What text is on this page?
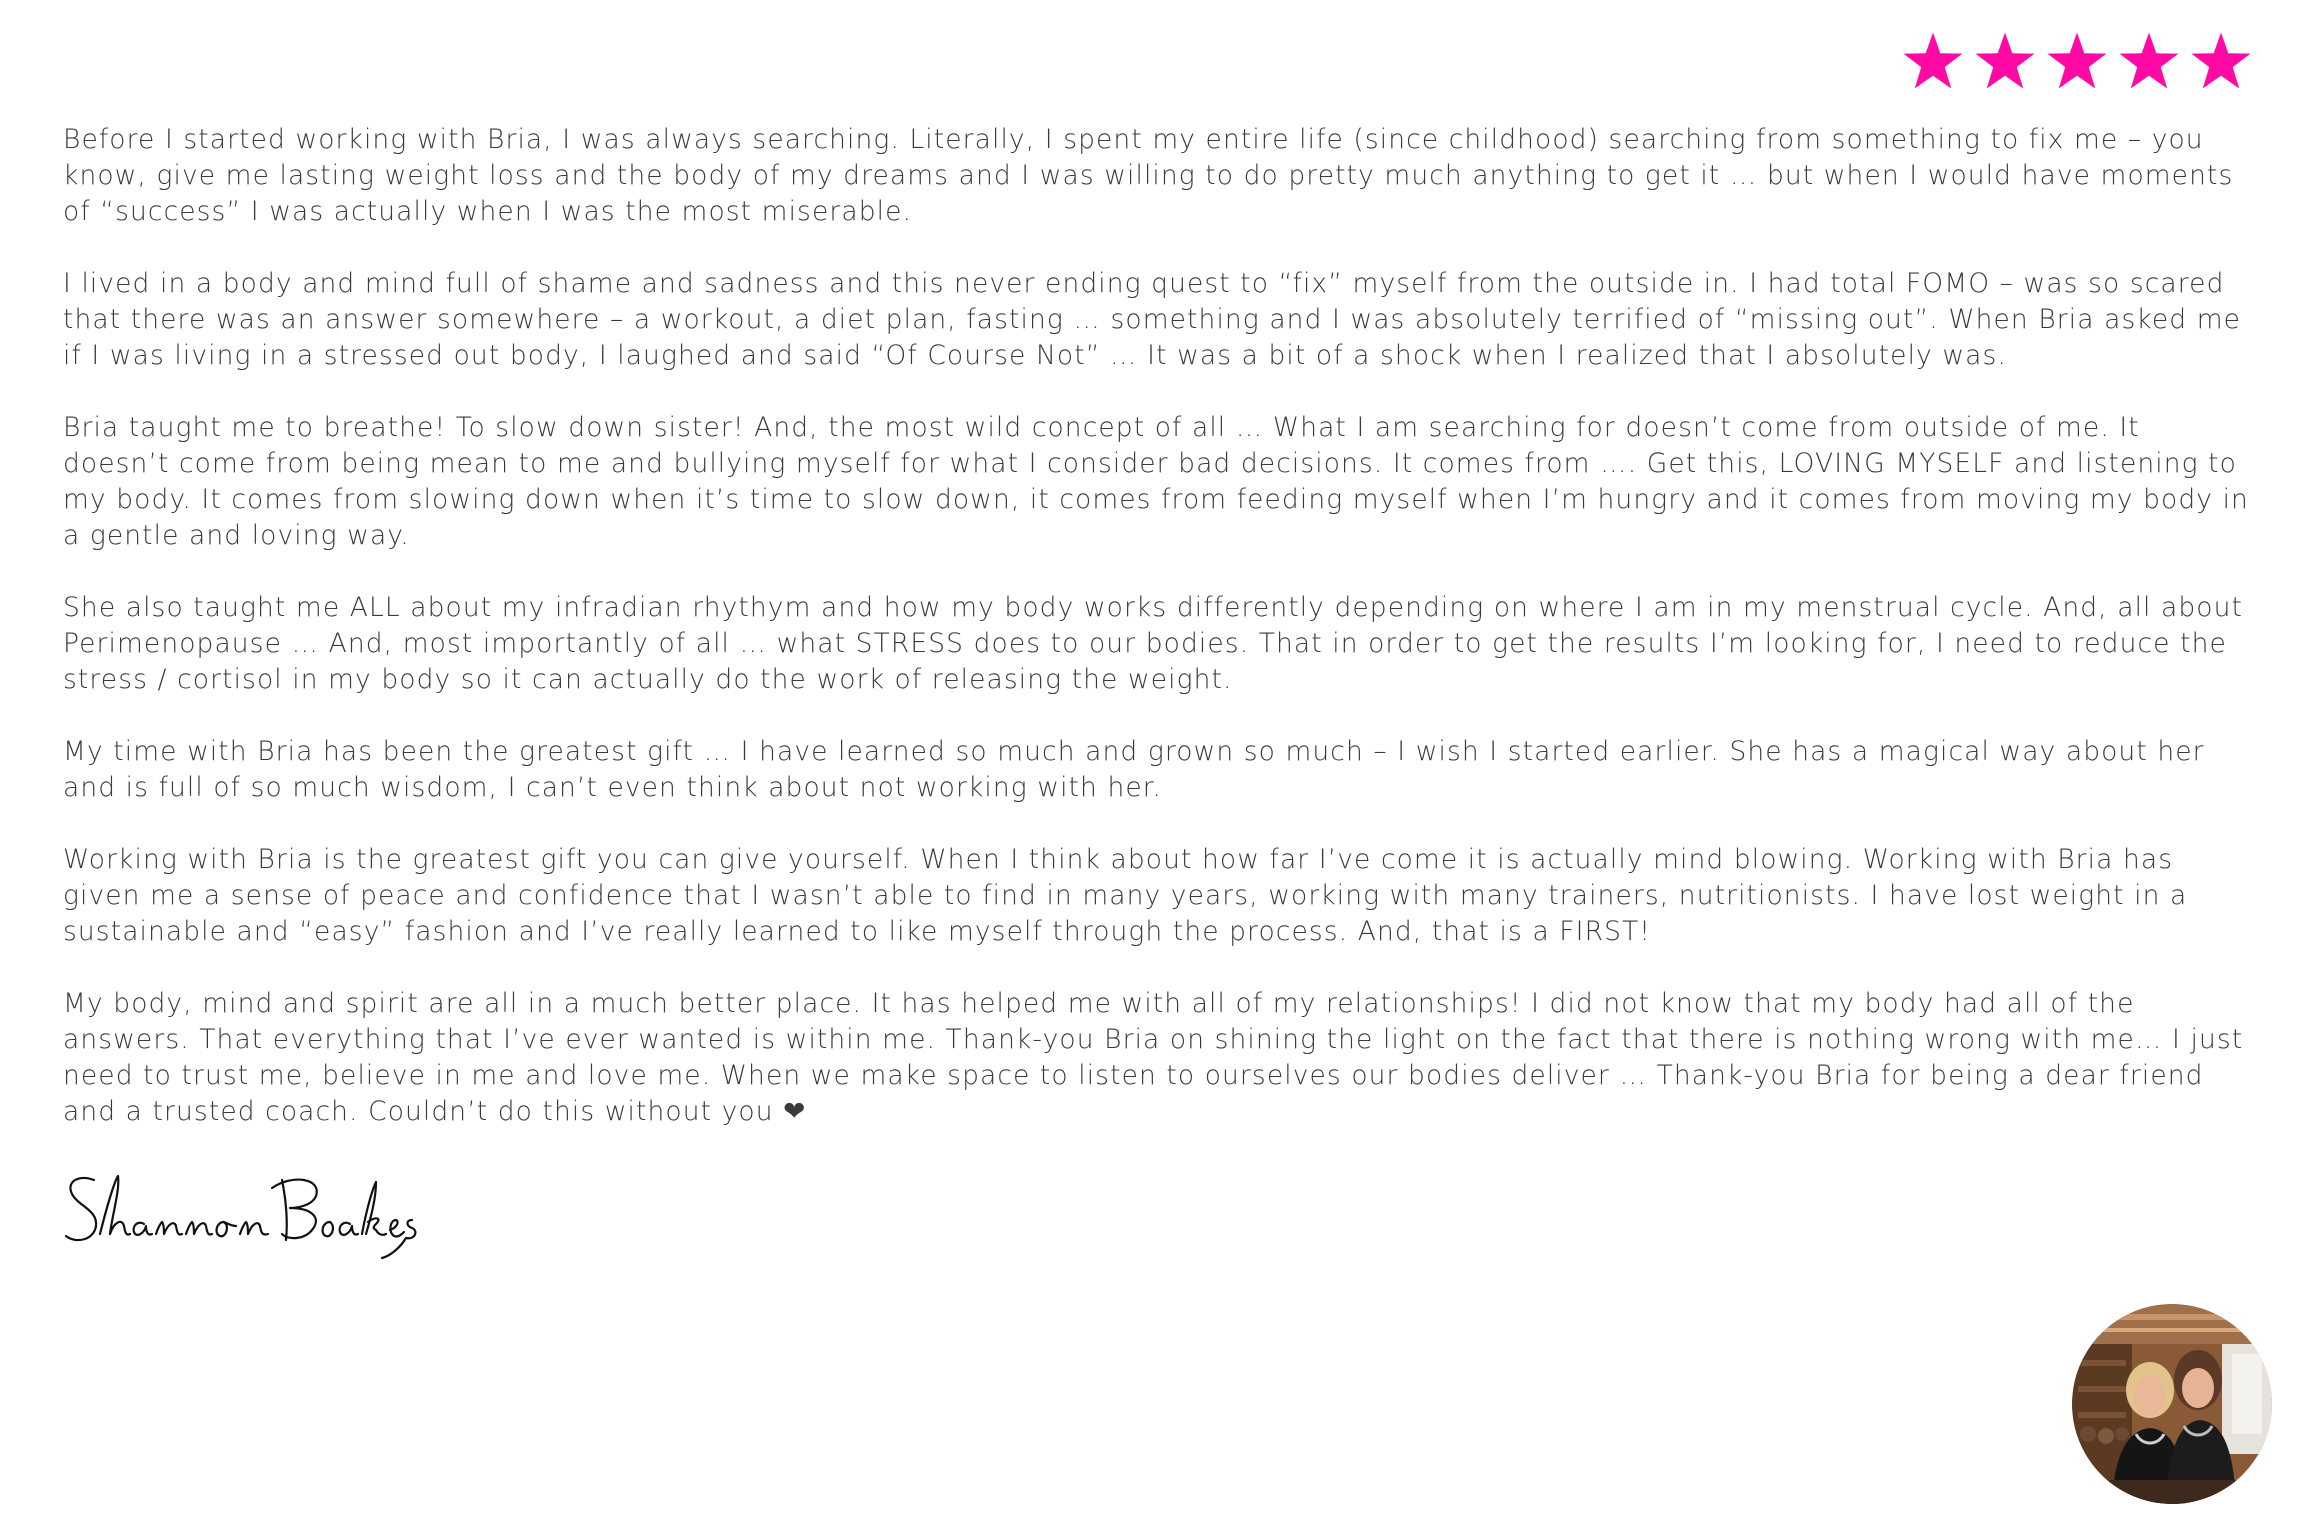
Before I started working with Bria, I was always searching. Literally, I spent my entire life (since childhood) searching from something to fix me – you know, give me lasting weight loss and the body of my dreams and I was willing to do pretty much anything to get it … but when I would have moments of “success” I was actually when I was the most miserable.

I lived in a body and mind full of shame and sadness and this never ending quest to “fix” myself from the outside in. I had total FOMO – was so scared that there was an answer somewhere – a workout, a diet plan, fasting … something and I was absolutely terrified of “missing out”. When Bria asked me if I was living in a stressed out body, I laughed and said “Of Course Not” … It was a bit of a shock when I realized that I absolutely was.

Bria taught me to breathe! To slow down sister! And, the most wild concept of all … What I am searching for doesn’t come from outside of me. It doesn’t come from being mean to me and bullying myself for what I consider bad decisions. It comes from …. Get this, LOVING MYSELF and listening to my body. It comes from slowing down when it’s time to slow down, it comes from feeding myself when I’m hungry and it comes from moving my body in a gentle and loving way.

She also taught me ALL about my infradian rhythym and how my body works differently depending on where I am in my menstrual cycle. And, all about Perimenopause … And, most importantly of all … what STRESS does to our bodies. That in order to get the results I’m looking for, I need to reduce the stress / cortisol in my body so it can actually do the work of releasing the weight.

My time with Bria has been the greatest gift … I have learned so much and grown so much – I wish I started earlier. She has a magical way about her and is full of so much wisdom, I can’t even think about not working with her.

Working with Bria is the greatest gift you can give yourself. When I think about how far I’ve come it is actually mind blowing. Working with Bria has given me a sense of peace and confidence that I wasn’t able to find in many years, working with many trainers, nutritionists. I have lost weight in a sustainable and “easy” fashion and I’ve really learned to like myself through the process. And, that is a FIRST!

My body, mind and spirit are all in a much better place. It has helped me with all of my relationships! I did not know that my body had all of the answers. That everything that I’ve ever wanted is within me. Thank-you Bria on shining the light on the fact that there is nothing wrong with me… I just need to trust me, believe in me and love me. When we make space to listen to ourselves our bodies deliver … Thank-you Bria for being a dear friend and a trusted coach. Couldn’t do this without you ❤
